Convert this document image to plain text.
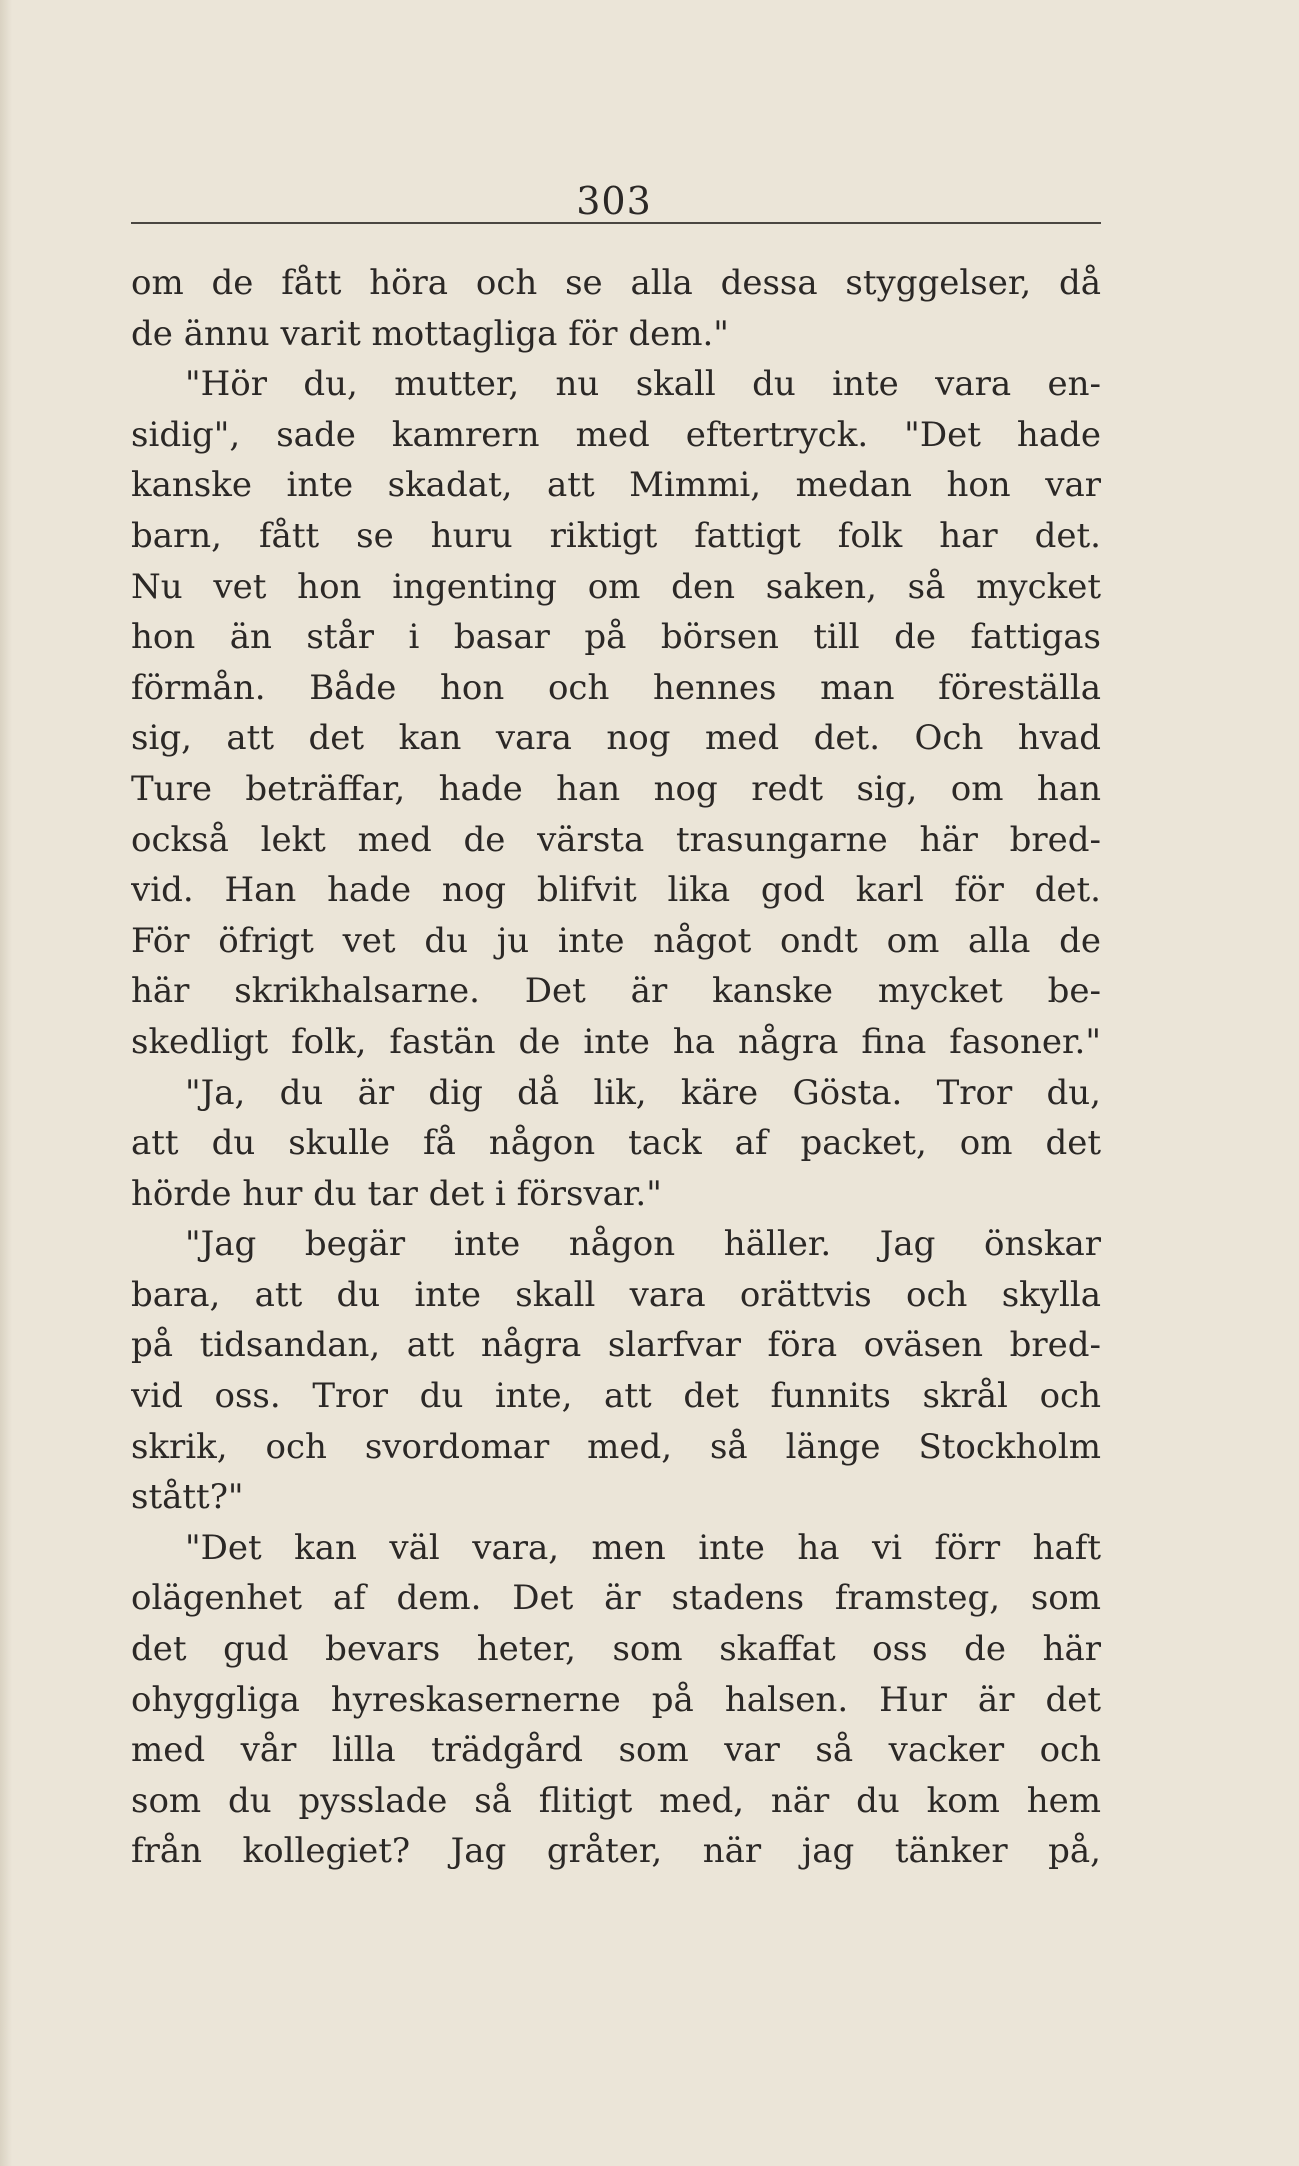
303
om de fått höra och se alla dessa styggelser, då
de ännu varit mottagliga för dem."
"Hör du, mutter, nu skall du inte vara en-
sidig", sade kamrern med eftertryck. "Det hade
kanske inte skadat, att Mimmi, medan hon var
barn, fått se huru riktigt fattigt folk har det.
Nu vet hon ingenting om den saken, så mycket
hon än står i basar på börsen till de fattigas
förmån. Både hon och hennes man föreställa
sig, att det kan vara nog med det. Och hvad
Ture beträffar, hade han nog redt sig, om han
också lekt med de värsta trasungarne här bred-
vid. Han hade nog blifvit lika god karl för det.
För öfrigt vet du ju inte något ondt om alla de
här skrikhalsarne. Det är kanske mycket be-
skedligt folk, fastän de inte ha några fina fasoner."
"Ja, du är dig då lik, käre Gösta. Tror du,
att du skulle få någon tack af packet, om det
hörde hur du tar det i försvar."
"Jag begär inte någon häller. Jag önskar
bara, att du inte skall vara orättvis och skylla
på tidsandan, att några slarfvar föra oväsen bred-
vid oss. Tror du inte, att det funnits skrål och
skrik, och svordomar med, så länge Stockholm
stått?"
"Det kan väl vara, men inte ha vi förr haft
olägenhet af dem. Det är stadens framsteg, som
det gud bevars heter, som skaffat oss de här
ohyggliga hyreskasernerne på halsen. Hur är det
med vår lilla trädgård som var så vacker och
som du pysslade så flitigt med, när du kom hem
från kollegiet? Jag gråter, när jag tänker på,
